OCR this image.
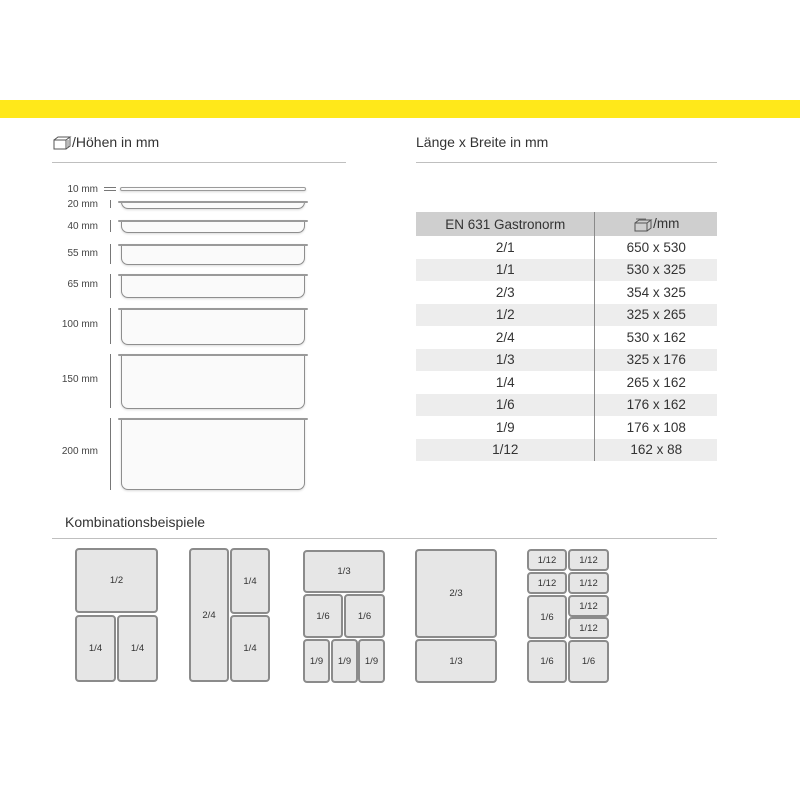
/Höhen in mm	Länge x Breite in mm
10 mm
20 mm
40 mm
55 mm
65 mm
100 mm
150 mm
200 mm
EN 631 Gastronorm	/mm
2/1	650 x 530
1/1	530 x 325
2/3	354 x 325
1/2	325 x 265
2/4	530 x 162
1/3	325 x 176
1/4	265 x 162
1/6	176 x 162
1/9	176 x 108
1/12	162 x 88
Kombinationsbeispiele
1/2
1/4	1/4
2/4
1/4
1/4
1/3
1/6	1/6
1/9	1/9	1/9
2/3
1/3
1/12	1/12
1/12	1/12
1/6
1/12
1/12
1/6	1/6
